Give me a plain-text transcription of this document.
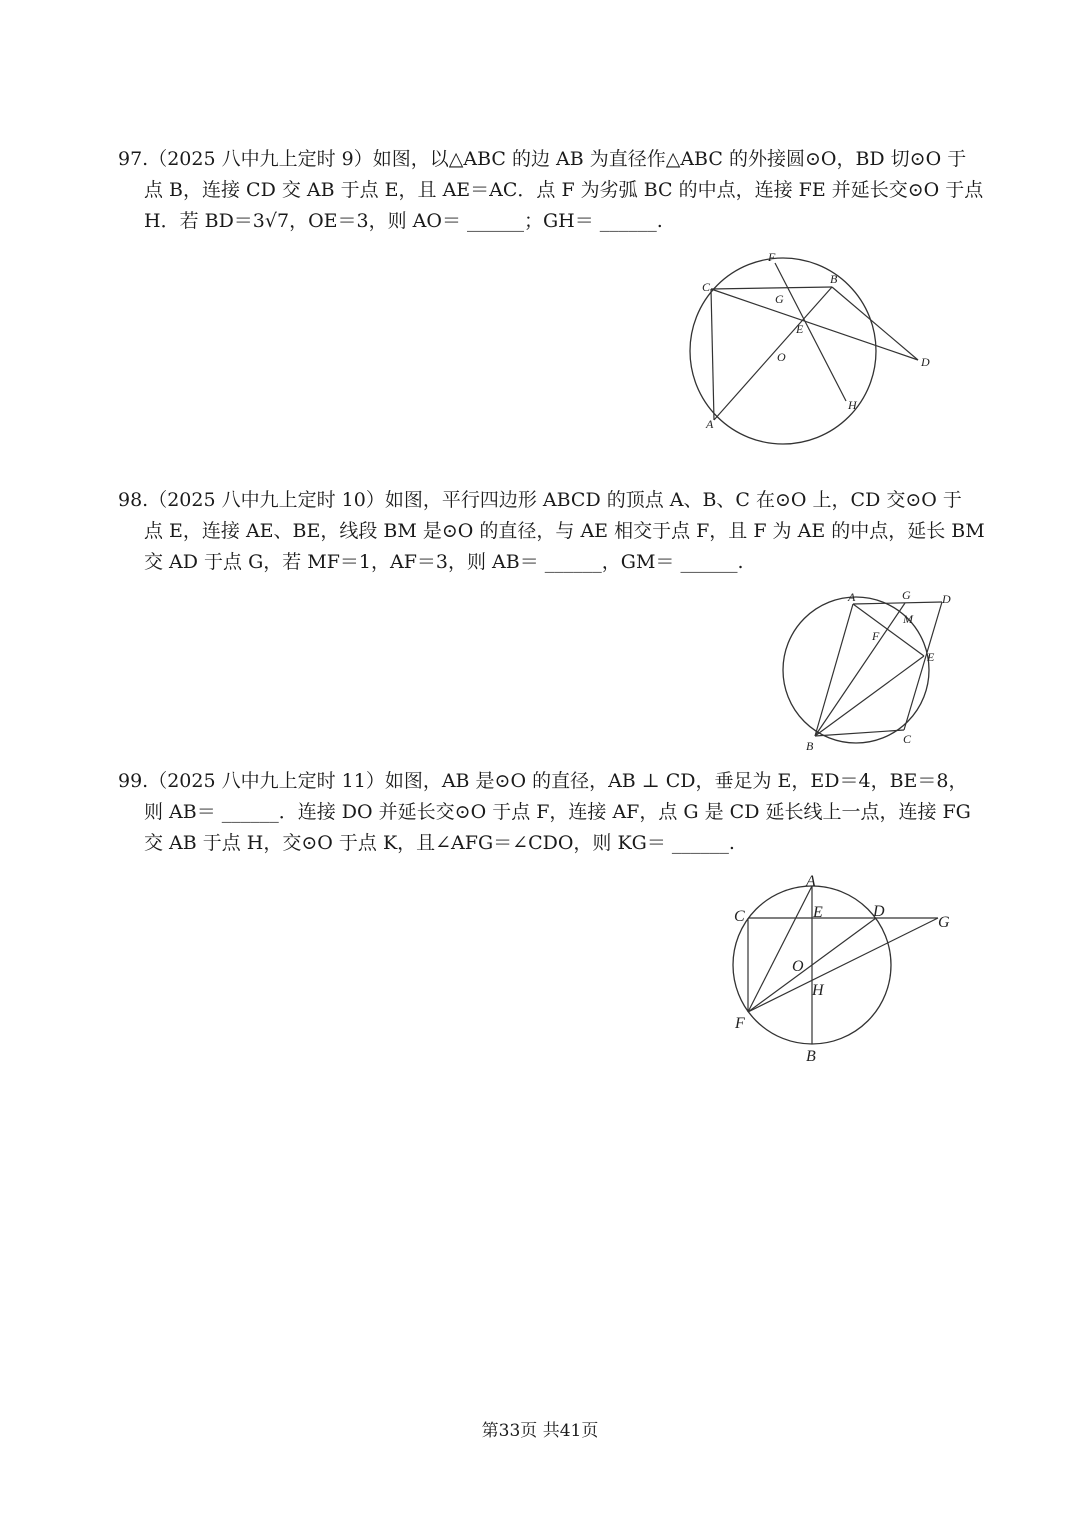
97.（2025 八中九上定时 9）如图，以△ABC 的边 AB 为直径作△ABC 的外接圆⊙O，BD 切⊙O 于
点 B，连接 CD 交 AB 于点 E，且 AE＝AC．点 F 为劣弧 BC 的中点，连接 FE 并延长交⊙O 于点
H．若 BD＝3√7，OE＝3，则 AO＝ ______；GH＝ ______.
F
B
C
G
E
O	D
H
A
98.（2025 八中九上定时 10）如图，平行四边形 ABCD 的顶点 A、B、C 在⊙O 上，CD 交⊙O 于
点 E，连接 AE、BE，线段 BM 是⊙O 的直径，与 AE 相交于点 F，且 F 为 AE 的中点，延长 BM
交 AD 于点 G，若 MF＝1，AF＝3，则 AB＝ ______，GM＝ ______.
A	G	D
M
F
E
B	C
99.（2025 八中九上定时 11）如图，AB 是⊙O 的直径，AB ⊥ CD，垂足为 E，ED＝4，BE＝8，
则 AB＝ ______．连接 DO 并延长交⊙O 于点 F，连接 AF，点 G 是 CD 延长线上一点，连接 FG
交 AB 于点 H，交⊙O 于点 K，且∠AFG＝∠CDO，则 KG＝ ______.
A
C	E	D
G
O
H
F
B
第33页 共41页
